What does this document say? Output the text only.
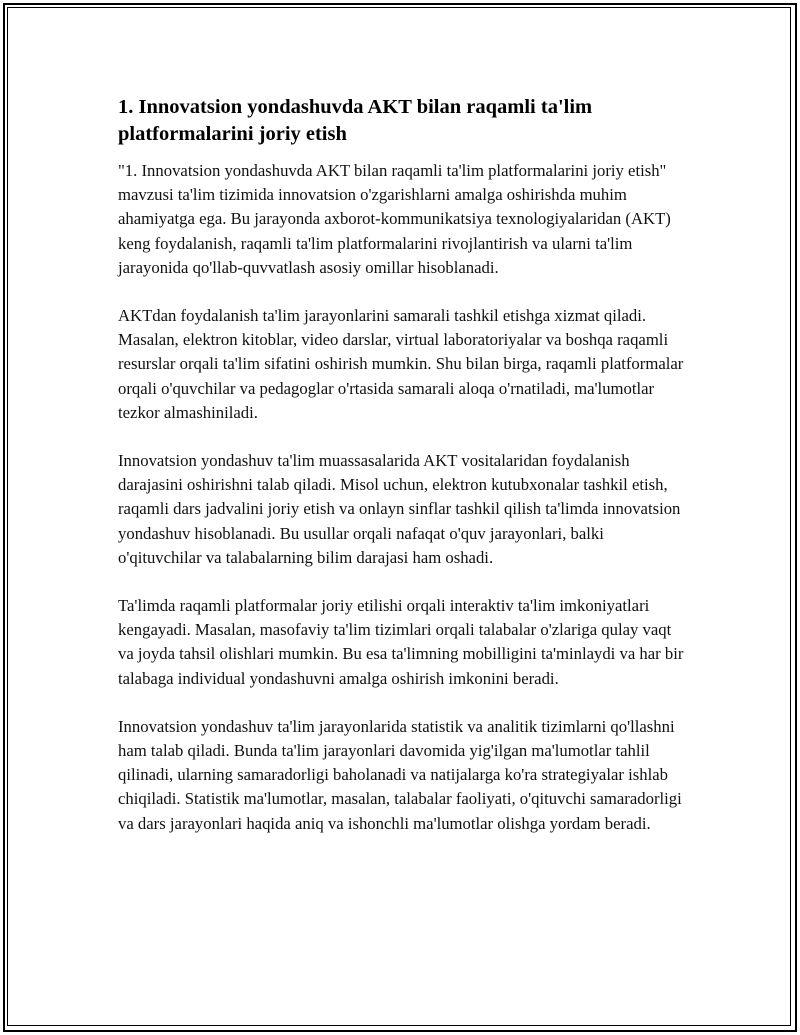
1. Innovatsion yondashuvda AKT bilan raqamli ta'lim platformalarini joriy etish

"1. Innovatsion yondashuvda AKT bilan raqamli ta'lim platformalarini joriy etish" mavzusi ta'lim tizimida innovatsion o'zgarishlarni amalga oshirishda muhim ahamiyatga ega. Bu jarayonda axborot-kommunikatsiya texnologiyalaridan (AKT) keng foydalanish, raqamli ta'lim platformalarini rivojlantirish va ularni ta'lim jarayonida qo'llab-quvvatlash asosiy omillar hisoblanadi.

AKTdan foydalanish ta'lim jarayonlarini samarali tashkil etishga xizmat qiladi. Masalan, elektron kitoblar, video darslar, virtual laboratoriyalar va boshqa raqamli resurslar orqali ta'lim sifatini oshirish mumkin. Shu bilan birga, raqamli platformalar orqali o'quvchilar va pedagoglar o'rtasida samarali aloqa o'rnatiladi, ma'lumotlar tezkor almashiniladi.

Innovatsion yondashuv ta'lim muassasalarida AKT vositalaridan foydalanish darajasini oshirishni talab qiladi. Misol uchun, elektron kutubxonalar tashkil etish, raqamli dars jadvalini joriy etish va onlayn sinflar tashkil qilish ta'limda innovatsion yondashuv hisoblanadi. Bu usullar orqali nafaqat o'quv jarayonlari, balki o'qituvchilar va talabalarning bilim darajasi ham oshadi.

Ta'limda raqamli platformalar joriy etilishi orqali interaktiv ta'lim imkoniyatlari kengayadi. Masalan, masofaviy ta'lim tizimlari orqali talabalar o'zlariga qulay vaqt va joyda tahsil olishlari mumkin. Bu esa ta'limning mobilligini ta'minlaydi va har bir talabaga individual yondashuvni amalga oshirish imkonini beradi.

Innovatsion yondashuv ta'lim jarayonlarida statistik va analitik tizimlarni qo'llashni ham talab qiladi. Bunda ta'lim jarayonlari davomida yig'ilgan ma'lumotlar tahlil qilinadi, ularning samaradorligi baholanadi va natijalarga ko'ra strategiyalar ishlab chiqiladi. Statistik ma'lumotlar, masalan, talabalar faoliyati, o'qituvchi samaradorligi va dars jarayonlari haqida aniq va ishonchli ma'lumotlar olishga yordam beradi.
